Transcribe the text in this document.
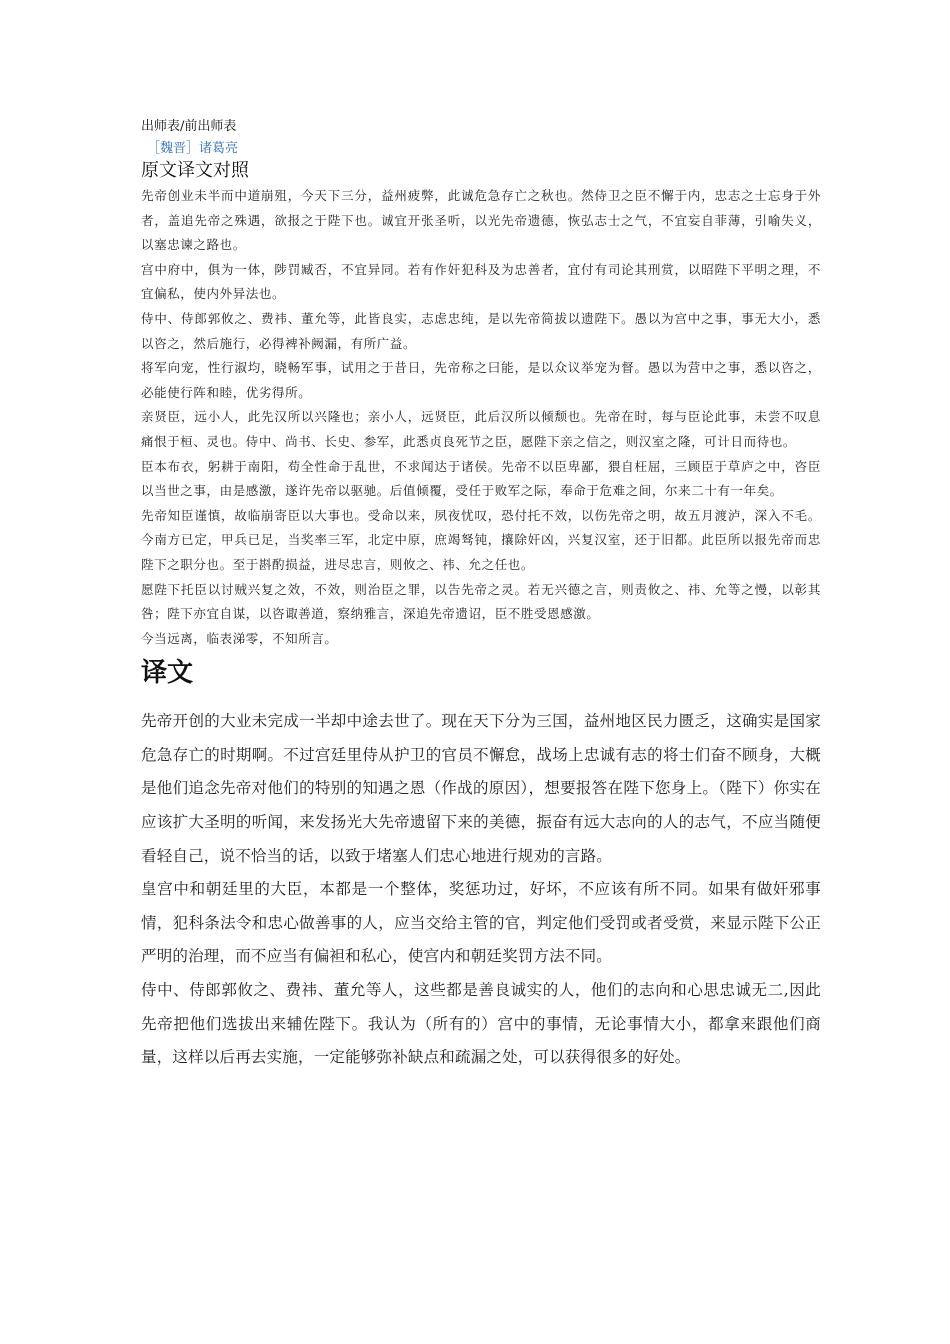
出师表/前出师表

［魏晋］诸葛亮

原文译文对照

先帝创业未半而中道崩殂，今天下三分，益州疲弊，此诚危急存亡之秋也。然侍卫之臣不懈于内，忠志之士忘身于外者，盖追先帝之殊遇，欲报之于陛下也。诚宜开张圣听，以光先帝遗德，恢弘志士之气，不宜妄自菲薄，引喻失义，以塞忠谏之路也。

宫中府中，俱为一体，陟罚臧否，不宜异同。若有作奸犯科及为忠善者，宜付有司论其刑赏，以昭陛下平明之理，不宜偏私，使内外异法也。

侍中、侍郎郭攸之、费祎、董允等，此皆良实，志虑忠纯，是以先帝简拔以遗陛下。愚以为宫中之事，事无大小，悉以咨之，然后施行，必得裨补阙漏，有所广益。

将军向宠，性行淑均，晓畅军事，试用之于昔日，先帝称之曰能，是以众议举宠为督。愚以为营中之事，悉以咨之，必能使行阵和睦，优劣得所。

亲贤臣，远小人，此先汉所以兴隆也；亲小人，远贤臣，此后汉所以倾颓也。先帝在时，每与臣论此事，未尝不叹息痛恨于桓、灵也。侍中、尚书、长史、参军，此悉贞良死节之臣，愿陛下亲之信之，则汉室之隆，可计日而待也。

臣本布衣，躬耕于南阳，苟全性命于乱世，不求闻达于诸侯。先帝不以臣卑鄙，猥自枉屈，三顾臣于草庐之中，咨臣以当世之事，由是感激，遂许先帝以驱驰。后值倾覆，受任于败军之际，奉命于危难之间，尔来二十有一年矣。

先帝知臣谨慎，故临崩寄臣以大事也。受命以来，夙夜忧叹，恐付托不效，以伤先帝之明，故五月渡泸，深入不毛。今南方已定，甲兵已足，当奖率三军，北定中原，庶竭驽钝，攘除奸凶，兴复汉室，还于旧都。此臣所以报先帝而忠陛下之职分也。至于斟酌损益，进尽忠言，则攸之、祎、允之任也。

愿陛下托臣以讨贼兴复之效，不效，则治臣之罪，以告先帝之灵。若无兴德之言，则责攸之、祎、允等之慢，以彰其咎；陛下亦宜自谋，以咨诹善道，察纳雅言，深追先帝遗诏，臣不胜受恩感激。

今当远离，临表涕零，不知所言。

译文

先帝开创的大业未完成一半却中途去世了。现在天下分为三国，益州地区民力匮乏，这确实是国家危急存亡的时期啊。不过宫廷里侍从护卫的官员不懈怠，战场上忠诚有志的将士们奋不顾身，大概是他们追念先帝对他们的特别的知遇之恩（作战的原因），想要报答在陛下您身上。（陛下）你实在应该扩大圣明的听闻，来发扬光大先帝遗留下来的美德，振奋有远大志向的人的志气，不应当随便看轻自己，说不恰当的话，以致于堵塞人们忠心地进行规劝的言路。

皇宫中和朝廷里的大臣，本都是一个整体，奖惩功过，好坏，不应该有所不同。如果有做奸邪事情，犯科条法令和忠心做善事的人，应当交给主管的官，判定他们受罚或者受赏，来显示陛下公正严明的治理，而不应当有偏袒和私心，使宫内和朝廷奖罚方法不同。

侍中、侍郎郭攸之、费祎、董允等人，这些都是善良诚实的人，他们的志向和心思忠诚无二,因此先帝把他们选拔出来辅佐陛下。我认为（所有的）宫中的事情，无论事情大小，都拿来跟他们商量，这样以后再去实施，一定能够弥补缺点和疏漏之处，可以获得很多的好处。
